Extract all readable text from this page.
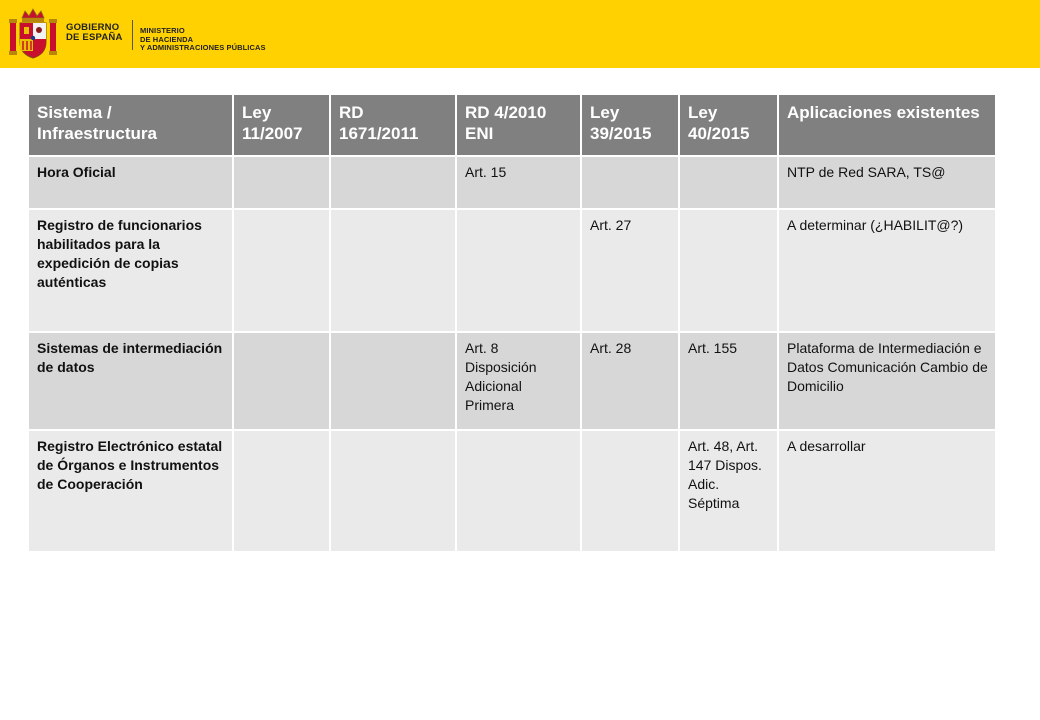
GOBIERNO
DE ESPAÑA
MINISTERIO
DE HACIENDA
Y ADMINISTRACIONES PÚBLICAS
Sistema / Infraestructura	Ley 11/2007	RD 1671/2011	RD 4/2010 ENI	Ley 39/2015	Ley 40/2015	Aplicaciones existentes
Hora Oficial			Art. 15			NTP de Red SARA, TS@
Registro de funcionarios habilitados para la expedición de copias auténticas				Art. 27		A determinar (¿HABILIT@?)
Sistemas de intermediación de datos			Art. 8 Disposición Adicional Primera	Art. 28	Art. 155	Plataforma de Intermediación e Datos Comunicación Cambio de Domicilio
Registro Electrónico estatal de Órganos e Instrumentos de Cooperación					Art. 48, Art. 147 Dispos. Adic. Séptima	A desarrollar
